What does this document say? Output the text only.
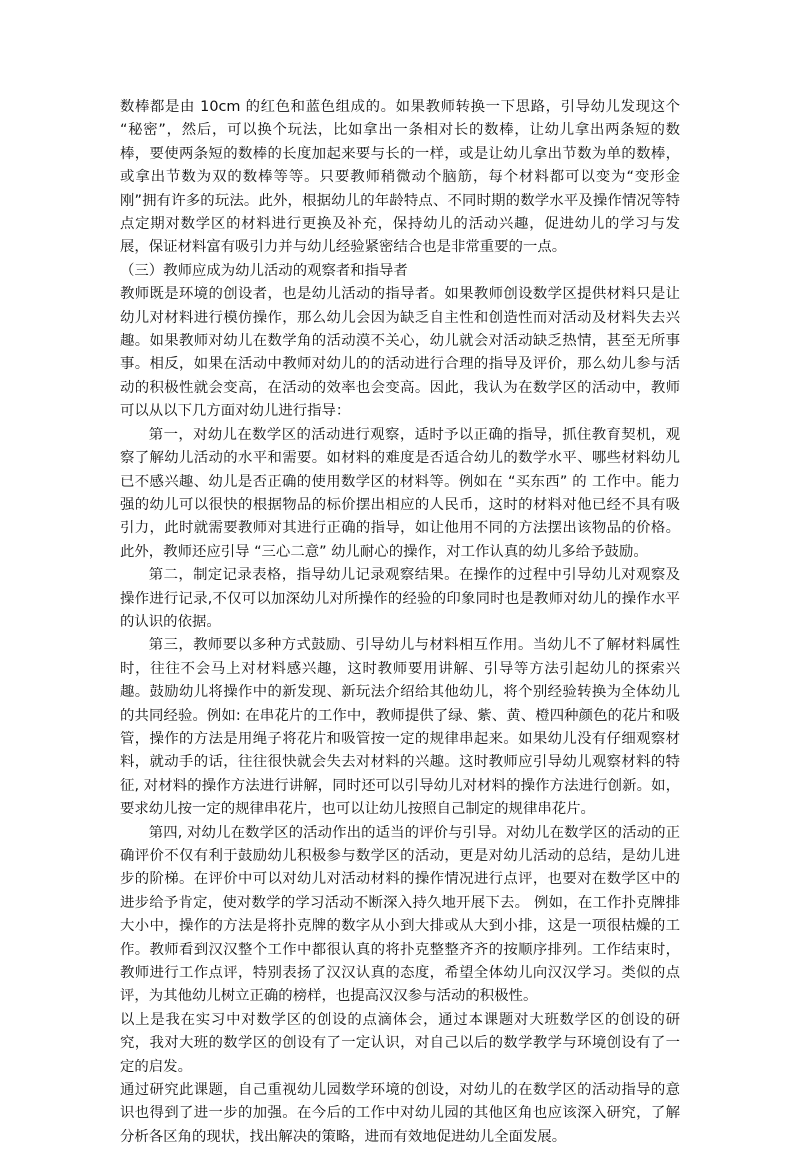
数棒都是由 10cm 的红色和蓝色组成的。如果教师转换一下思路，引导幼儿发现这个 “秘密”，然后，可以换个玩法，比如拿出一条相对长的数棒，让幼儿拿出两条短的数棒，要使两条短的数棒的长度加起来要与长的一样，或是让幼儿拿出节数为单的数棒，或拿出节数为双的数棒等等。只要教师稍微动个脑筋，每个材料都可以变为“变形金刚”拥有许多的玩法。此外，根据幼儿的年龄特点、不同时期的数学水平及操作情况等特点定期对数学区的材料进行更换及补充，保持幼儿的活动兴趣，促进幼儿的学习与发展，保证材料富有吸引力并与幼儿经验紧密结合也是非常重要的一点。

（三）教师应成为幼儿活动的观察者和指导者

教师既是环境的创设者，也是幼儿活动的指导者。如果教师创设数学区提供材料只是让幼儿对材料进行模仿操作，那么幼儿会因为缺乏自主性和创造性而对活动及材料失去兴趣。如果教师对幼儿在数学角的活动漠不关心，幼儿就会对活动缺乏热情，甚至无所事事。相反，如果在活动中教师对幼儿的的活动进行合理的指导及评价，那么幼儿参与活动的积极性就会变高，在活动的效率也会变高。因此，我认为在数学区的活动中，教师可以从以下几方面对幼儿进行指导：

第一，对幼儿在数学区的活动进行观察，适时予以正确的指导，抓住教育契机，观察了解幼儿活动的水平和需要。如材料的难度是否适合幼儿的数学水平、哪些材料幼儿已不感兴趣、幼儿是否正确的使用数学区的材料等。例如在 “买东西” 的 工作中。能力强的幼儿可以很快的根据物品的标价摆出相应的人民币，这时的材料对他已经不具有吸引力，此时就需要教师对其进行正确的指导，如让他用不同的方法摆出该物品的价格。此外，教师还应引导 “三心二意” 幼儿耐心的操作，对工作认真的幼儿多给予鼓励。

第二，制定记录表格，指导幼儿记录观察结果。在操作的过程中引导幼儿对观察及操作进行记录,不仅可以加深幼儿对所操作的经验的印象同时也是教师对幼儿的操作水平的认识的依据。

第三，教师要以多种方式鼓励、引导幼儿与材料相互作用。当幼儿不了解材料属性时，往往不会马上对材料感兴趣，这时教师要用讲解、引导等方法引起幼儿的探索兴趣。鼓励幼儿将操作中的新发现、新玩法介绍给其他幼儿，将个别经验转换为全体幼儿的共同经验。例如: 在串花片的工作中，教师提供了绿、紫、黄、橙四种颜色的花片和吸管，操作的方法是用绳子将花片和吸管按一定的规律串起来。如果幼儿没有仔细观察材料，就动手的话，往往很快就会失去对材料的兴趣。这时教师应引导幼儿观察材料的特征, 对材料的操作方法进行讲解，同时还可以引导幼儿对材料的操作方法进行创新。如，要求幼儿按一定的规律串花片，也可以让幼儿按照自己制定的规律串花片。

第四, 对幼儿在数学区的活动作出的适当的评价与引导。对幼儿在数学区的活动的正确评价不仅有利于鼓励幼儿积极参与数学区的活动，更是对幼儿活动的总结，是幼儿进步的阶梯。在评价中可以对幼儿对活动材料的操作情况进行点评，也要对在数学区中的进步给予肯定，使对数学的学习活动不断深入持久地开展下去。 例如，在工作扑克牌排大小中，操作的方法是将扑克牌的数字从小到大排或从大到小排，这是一项很枯燥的工作。教师看到汉汉整个工作中都很认真的将扑克整整齐齐的按顺序排列。工作结束时，教师进行工作点评，特别表扬了汉汉认真的态度，希望全体幼儿向汉汉学习。类似的点评，为其他幼儿树立正确的榜样，也提高汉汉参与活动的积极性。

以上是我在实习中对数学区的创设的点滴体会，通过本课题对大班数学区的创设的研究，我对大班的数学区的创设有了一定认识，对自己以后的数学教学与环境创设有了一定的启发。

通过研究此课题，自己重视幼儿园数学环境的创设，对幼儿的在数学区的活动指导的意识也得到了进一步的加强。在今后的工作中对幼儿园的其他区角也应该深入研究，了解分析各区角的现状，找出解决的策略，进而有效地促进幼儿全面发展。
